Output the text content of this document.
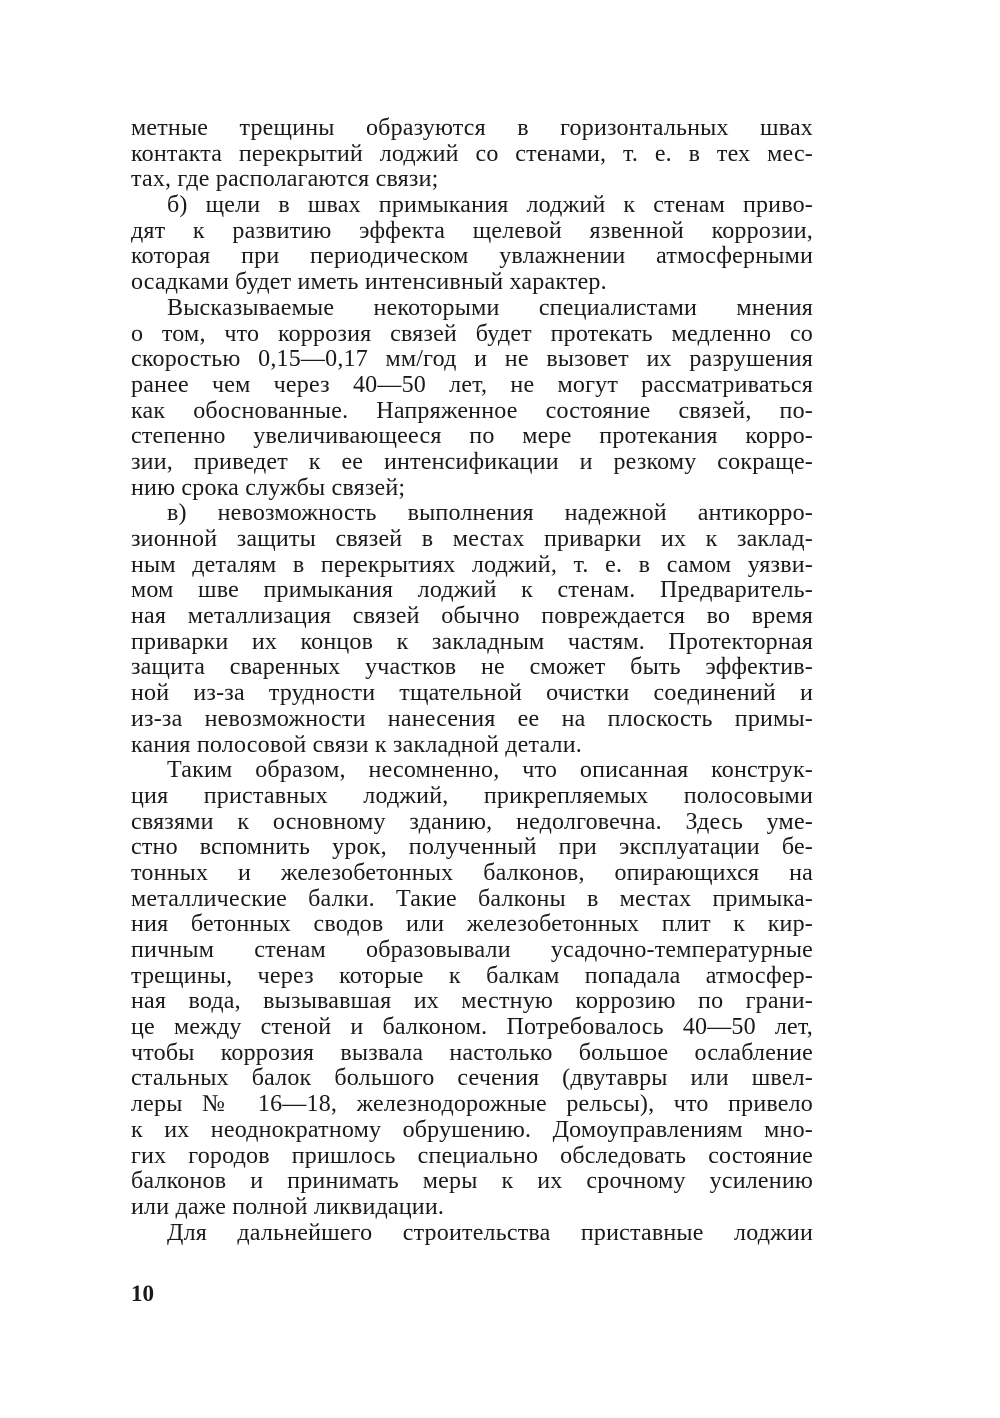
метные трещины образуются в горизонтальных швах
контакта перекрытий лоджий со стенами, т. е. в тех мес-
тах, где располагаются связи;
б) щели в швах примыкания лоджий к стенам приво-
дят к развитию эффекта щелевой язвенной коррозии,
которая при периодическом увлажнении атмосферными
осадками будет иметь интенсивный характер.
Высказываемые некоторыми специалистами мнения
о том, что коррозия связей будет протекать медленно со
скоростью 0,15—0,17 мм/год и не вызовет их разрушения
ранее чем через 40—50 лет, не могут рассматриваться
как обоснованные. Напряженное состояние связей, по-
степенно увеличивающееся по мере протекания корро-
зии, приведет к ее интенсификации и резкому сокраще-
нию срока службы связей;
в) невозможность выполнения надежной антикорро-
зионной защиты связей в местах приварки их к заклад-
ным деталям в перекрытиях лоджий, т. е. в самом уязви-
мом шве примыкания лоджий к стенам. Предваритель-
ная металлизация связей обычно повреждается во время
приварки их концов к закладным частям. Протекторная
защита сваренных участков не сможет быть эффектив-
ной из-за трудности тщательной очистки соединений и
из-за невозможности нанесения ее на плоскость примы-
кания полосовой связи к закладной детали.
Таким образом, несомненно, что описанная конструк-
ция приставных лоджий, прикрепляемых полосовыми
связями к основному зданию, недолговечна. Здесь уме-
стно вспомнить урок, полученный при эксплуатации бе-
тонных и железобетонных балконов, опирающихся на
металлические балки. Такие балконы в местах примыка-
ния бетонных сводов или железобетонных плит к кир-
пичным стенам образовывали усадочно-температурные
трещины, через которые к балкам попадала атмосфер-
ная вода, вызывавшая их местную коррозию по грани-
це между стеной и балконом. Потребовалось 40—50 лет,
чтобы коррозия вызвала настолько большое ослабление
стальных балок большого сечения (двутавры или швел-
леры № 16—18, железнодорожные рельсы), что привело
к их неоднократному обрушению. Домоуправлениям мно-
гих городов пришлось специально обследовать состояние
балконов и принимать меры к их срочному усилению
или даже полной ликвидации.
Для дальнейшего строительства приставные лоджии
10
